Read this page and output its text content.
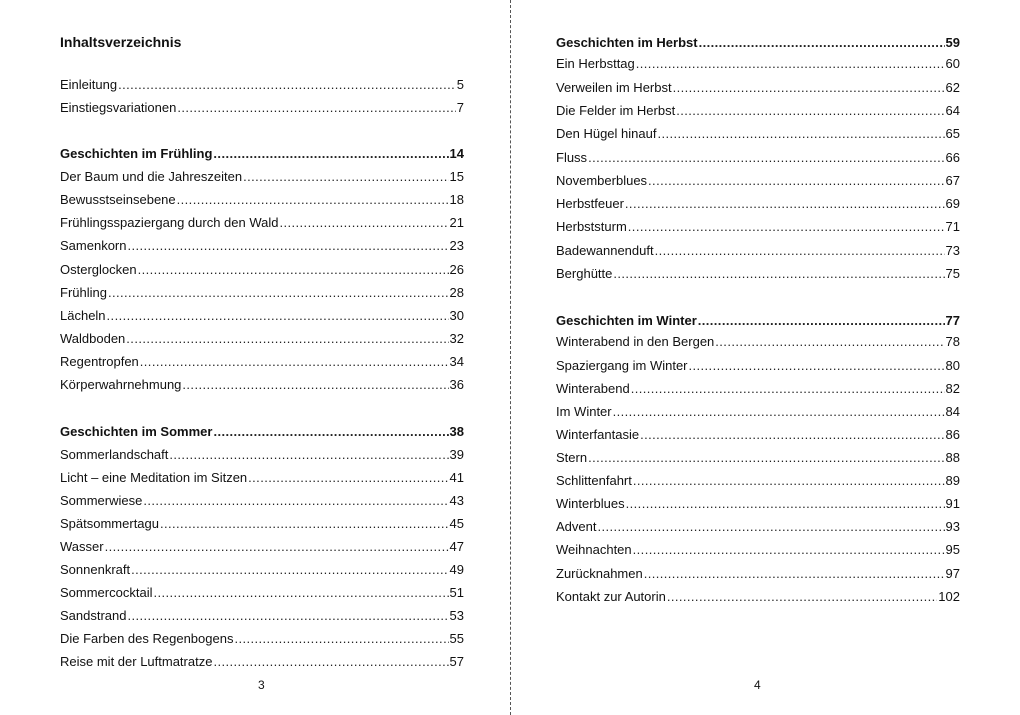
Inhaltsverzeichnis
Einleitung .....	5
Einstiegsvariationen .....	7
Geschichten im Frühling .....	14
Der Baum und die Jahreszeiten .....	15
Bewusstseinsebene .....	18
Frühlingsspaziergang durch den Wald .....	21
Samenkorn .....	23
Osterglocken .....	26
Frühling .....	28
Lächeln .....	30
Waldboden .....	32
Regentropfen .....	34
Körperwahrnehmung .....	36
Geschichten im Sommer .....	38
Sommerlandschaft .....	39
Licht – eine Meditation im Sitzen .....	41
Sommerwiese .....	43
Spätsommertagu .....	45
Wasser .....	47
Sonnenkraft .....	49
Sommercocktail .....	51
Sandstrand .....	53
Die Farben des Regenbogens .....	55
Reise mit der Luftmatratze .....	57
3
Geschichten im Herbst .....	59
Ein Herbsttag .....	60
Verweilen im Herbst .....	62
Die Felder im Herbst .....	64
Den Hügel hinauf .....	65
Fluss .....	66
Novemberblues .....	67
Herbstfeuer .....	69
Herbststurm .....	71
Badewannenduft .....	73
Berghütte .....	75
Geschichten im Winter .....	77
Winterabend in den Bergen .....	78
Spaziergang im Winter .....	80
Winterabend .....	82
Im Winter .....	84
Winterfantasie .....	86
Stern .....	88
Schlittenfahrt .....	89
Winterblues .....	91
Advent .....	93
Weihnachten .....	95
Zurücknahmen .....	97
Kontakt zur Autorin .....	102
4
